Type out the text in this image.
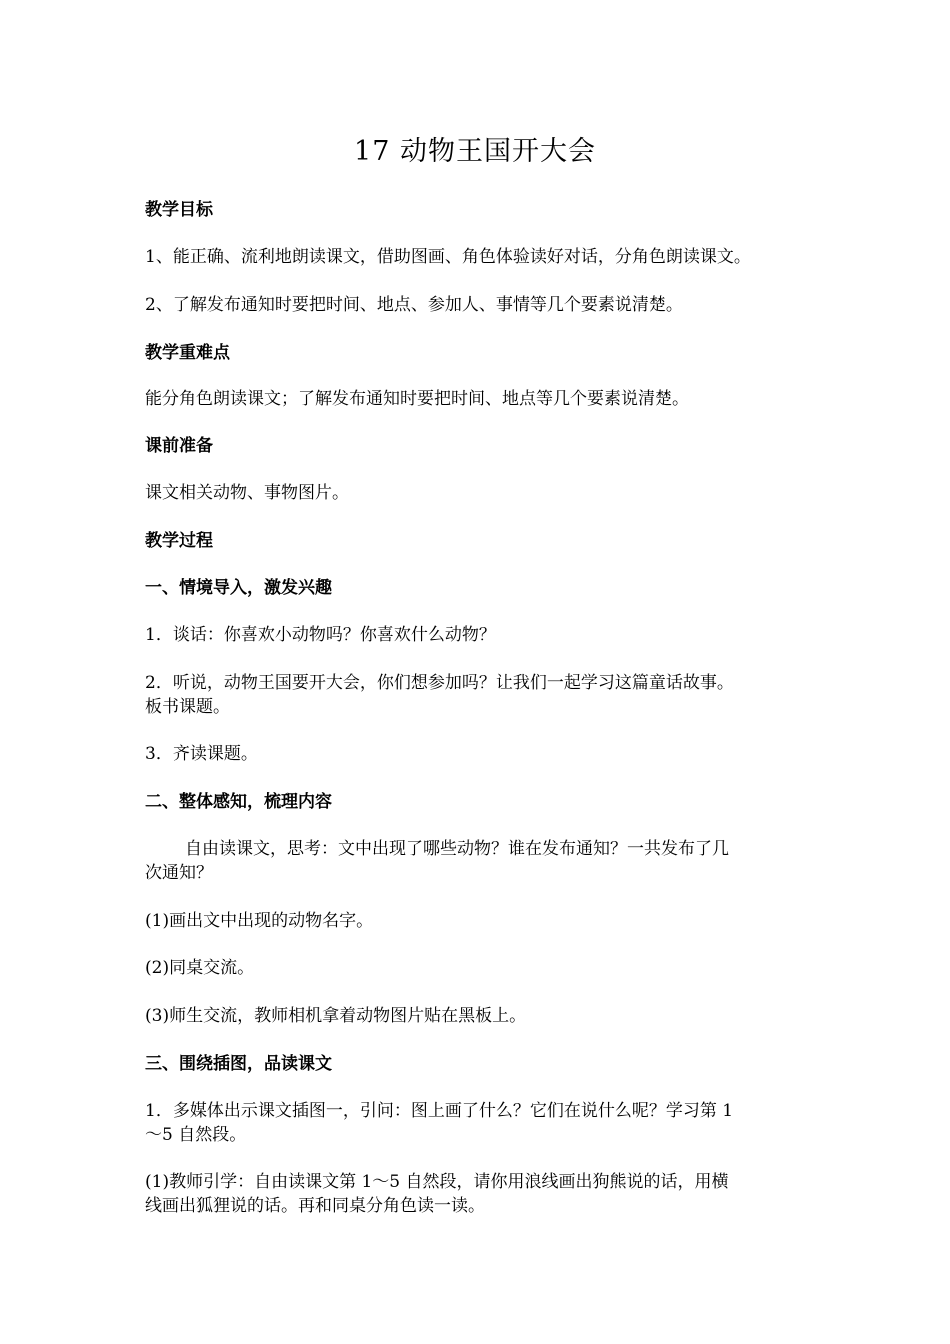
17 动物王国开大会
教学目标
1、能正确、流利地朗读课文，借助图画、角色体验读好对话，分角色朗读课文。
2、了解发布通知时要把时间、地点、参加人、事情等几个要素说清楚。
教学重难点
能分角色朗读课文；了解发布通知时要把时间、地点等几个要素说清楚。
课前准备
课文相关动物、事物图片。
教学过程
一、情境导入，激发兴趣
1．谈话：你喜欢小动物吗？你喜欢什么动物？
2．听说，动物王国要开大会，你们想参加吗？让我们一起学习这篇童话故事。
板书课题。
3．齐读课题。
二、整体感知，梳理内容
自由读课文，思考：文中出现了哪些动物？谁在发布通知？一共发布了几
次通知？
(1)画出文中出现的动物名字。
(2)同桌交流。
(3)师生交流，教师相机拿着动物图片贴在黑板上。
三、围绕插图，品读课文
1．多媒体出示课文插图一，引问：图上画了什么？它们在说什么呢？学习第 1
～5 自然段。
(1)教师引学：自由读课文第 1～5 自然段，请你用浪线画出狗熊说的话，用横
线画出狐狸说的话。再和同桌分角色读一读。
